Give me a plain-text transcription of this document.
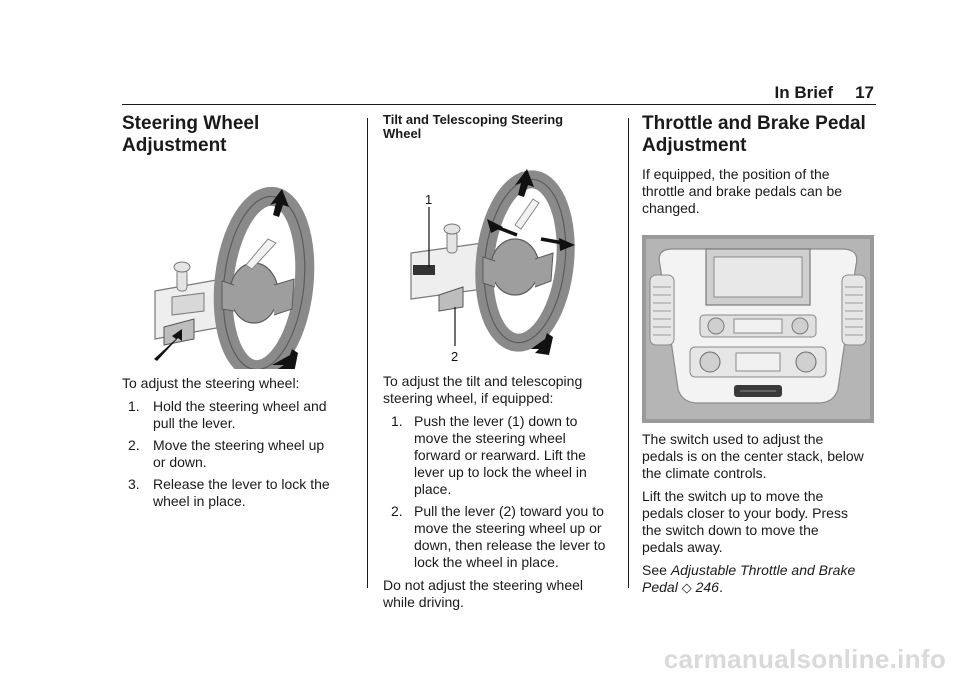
In Brief 17
Steering Wheel
Adjustment

To adjust the steering wheel:

1. Hold the steering wheel and
pull the lever.
2. Move the steering wheel up
or down.
3. Release the lever to lock the
wheel in place.
Tilt and Telescoping Steering
Wheel
1
2

To adjust the tilt and telescoping
steering wheel, if equipped:

1. Push the lever (1) down to
move the steering wheel
forward or rearward. Lift the
lever up to lock the wheel in
place.
2. Pull the lever (2) toward you to
move the steering wheel up or
down, then release the lever to
lock the wheel in place.

Do not adjust the steering wheel
while driving.

Throttle and Brake Pedal
Adjustment

If equipped, the position of the
throttle and brake pedals can be
changed.

The switch used to adjust the
pedals is on the center stack, below
the climate controls.

Lift the switch up to move the
pedals closer to your body. Press
the switch down to move the
pedals away.

See Adjustable Throttle and Brake
Pedal ◇ 246.

carmanualsonline.info
